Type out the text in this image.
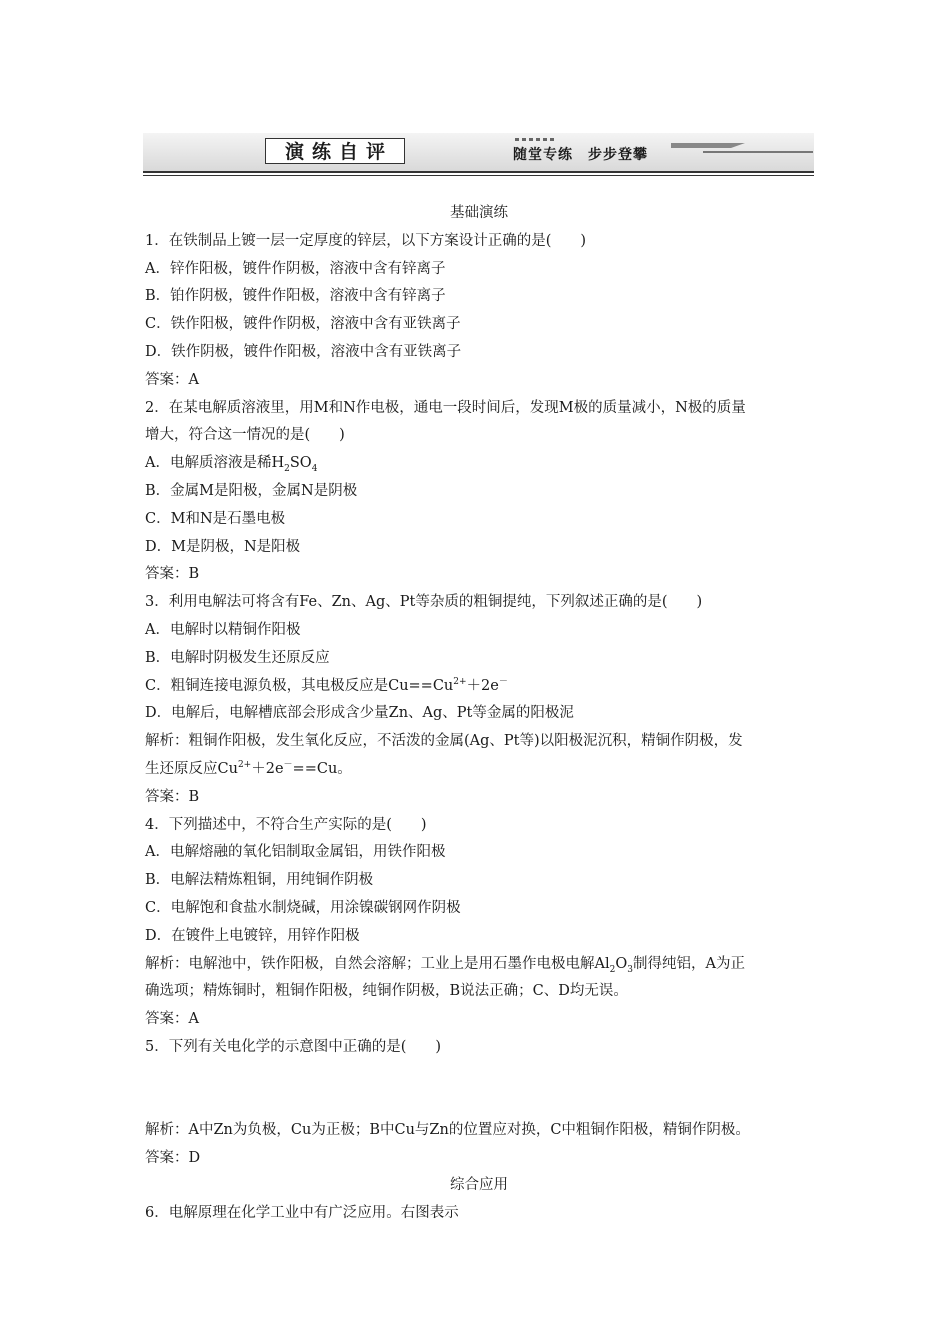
演练自评	随堂专练　步步登攀

基础演练

1．在铁制品上镀一层一定厚度的锌层，以下方案设计正确的是(　　)

A．锌作阳极，镀件作阴极，溶液中含有锌离子

B．铂作阴极，镀件作阳极，溶液中含有锌离子

C．铁作阳极，镀件作阴极，溶液中含有亚铁离子

D．铁作阴极，镀件作阳极，溶液中含有亚铁离子

答案：A

2．在某电解质溶液里，用M和N作电极，通电一段时间后，发现M极的质量减小，N极的质量

增大，符合这一情况的是(　　)

A．电解质溶液是稀$H_2SO_4$

B．金属M是阳极，金属N是阴极

C．M和N是石墨电极

D．M是阴极，N是阳极

答案：B

3．利用电解法可将含有Fe、Zn、Ag、Pt等杂质的粗铜提纯，下列叙述正确的是(　　)

A．电解时以精铜作阳极

B．电解时阴极发生还原反应

C．粗铜连接电源负极，其电极反应是$Cu==Cu^{2+}+2e^-$

D．电解后，电解槽底部会形成含少量Zn、Ag、Pt等金属的阳极泥

解析：粗铜作阳极，发生氧化反应，不活泼的金属(Ag、Pt等)以阳极泥沉积，精铜作阴极，发

生还原反应$Cu^{2+}+2e^-==Cu$。

答案：B

4．下列描述中，不符合生产实际的是(　　)

A．电解熔融的氧化铝制取金属铝，用铁作阳极

B．电解法精炼粗铜，用纯铜作阴极

C．电解饱和食盐水制烧碱，用涂镍碳钢网作阴极

D．在镀件上电镀锌，用锌作阳极

解析：电解池中，铁作阳极，自然会溶解；工业上是用石墨作电极电解$Al_2O_3$制得纯铝，A为正

确选项；精炼铜时，粗铜作阳极，纯铜作阴极，B说法正确；C、D均无误。

答案：A

5．下列有关电化学的示意图中正确的是(　　)

解析：A中Zn为负极，Cu为正极；B中Cu与Zn的位置应对换，C中粗铜作阳极，精铜作阴极。

答案：D

综合应用

6．电解原理在化学工业中有广泛应用。右图表示
